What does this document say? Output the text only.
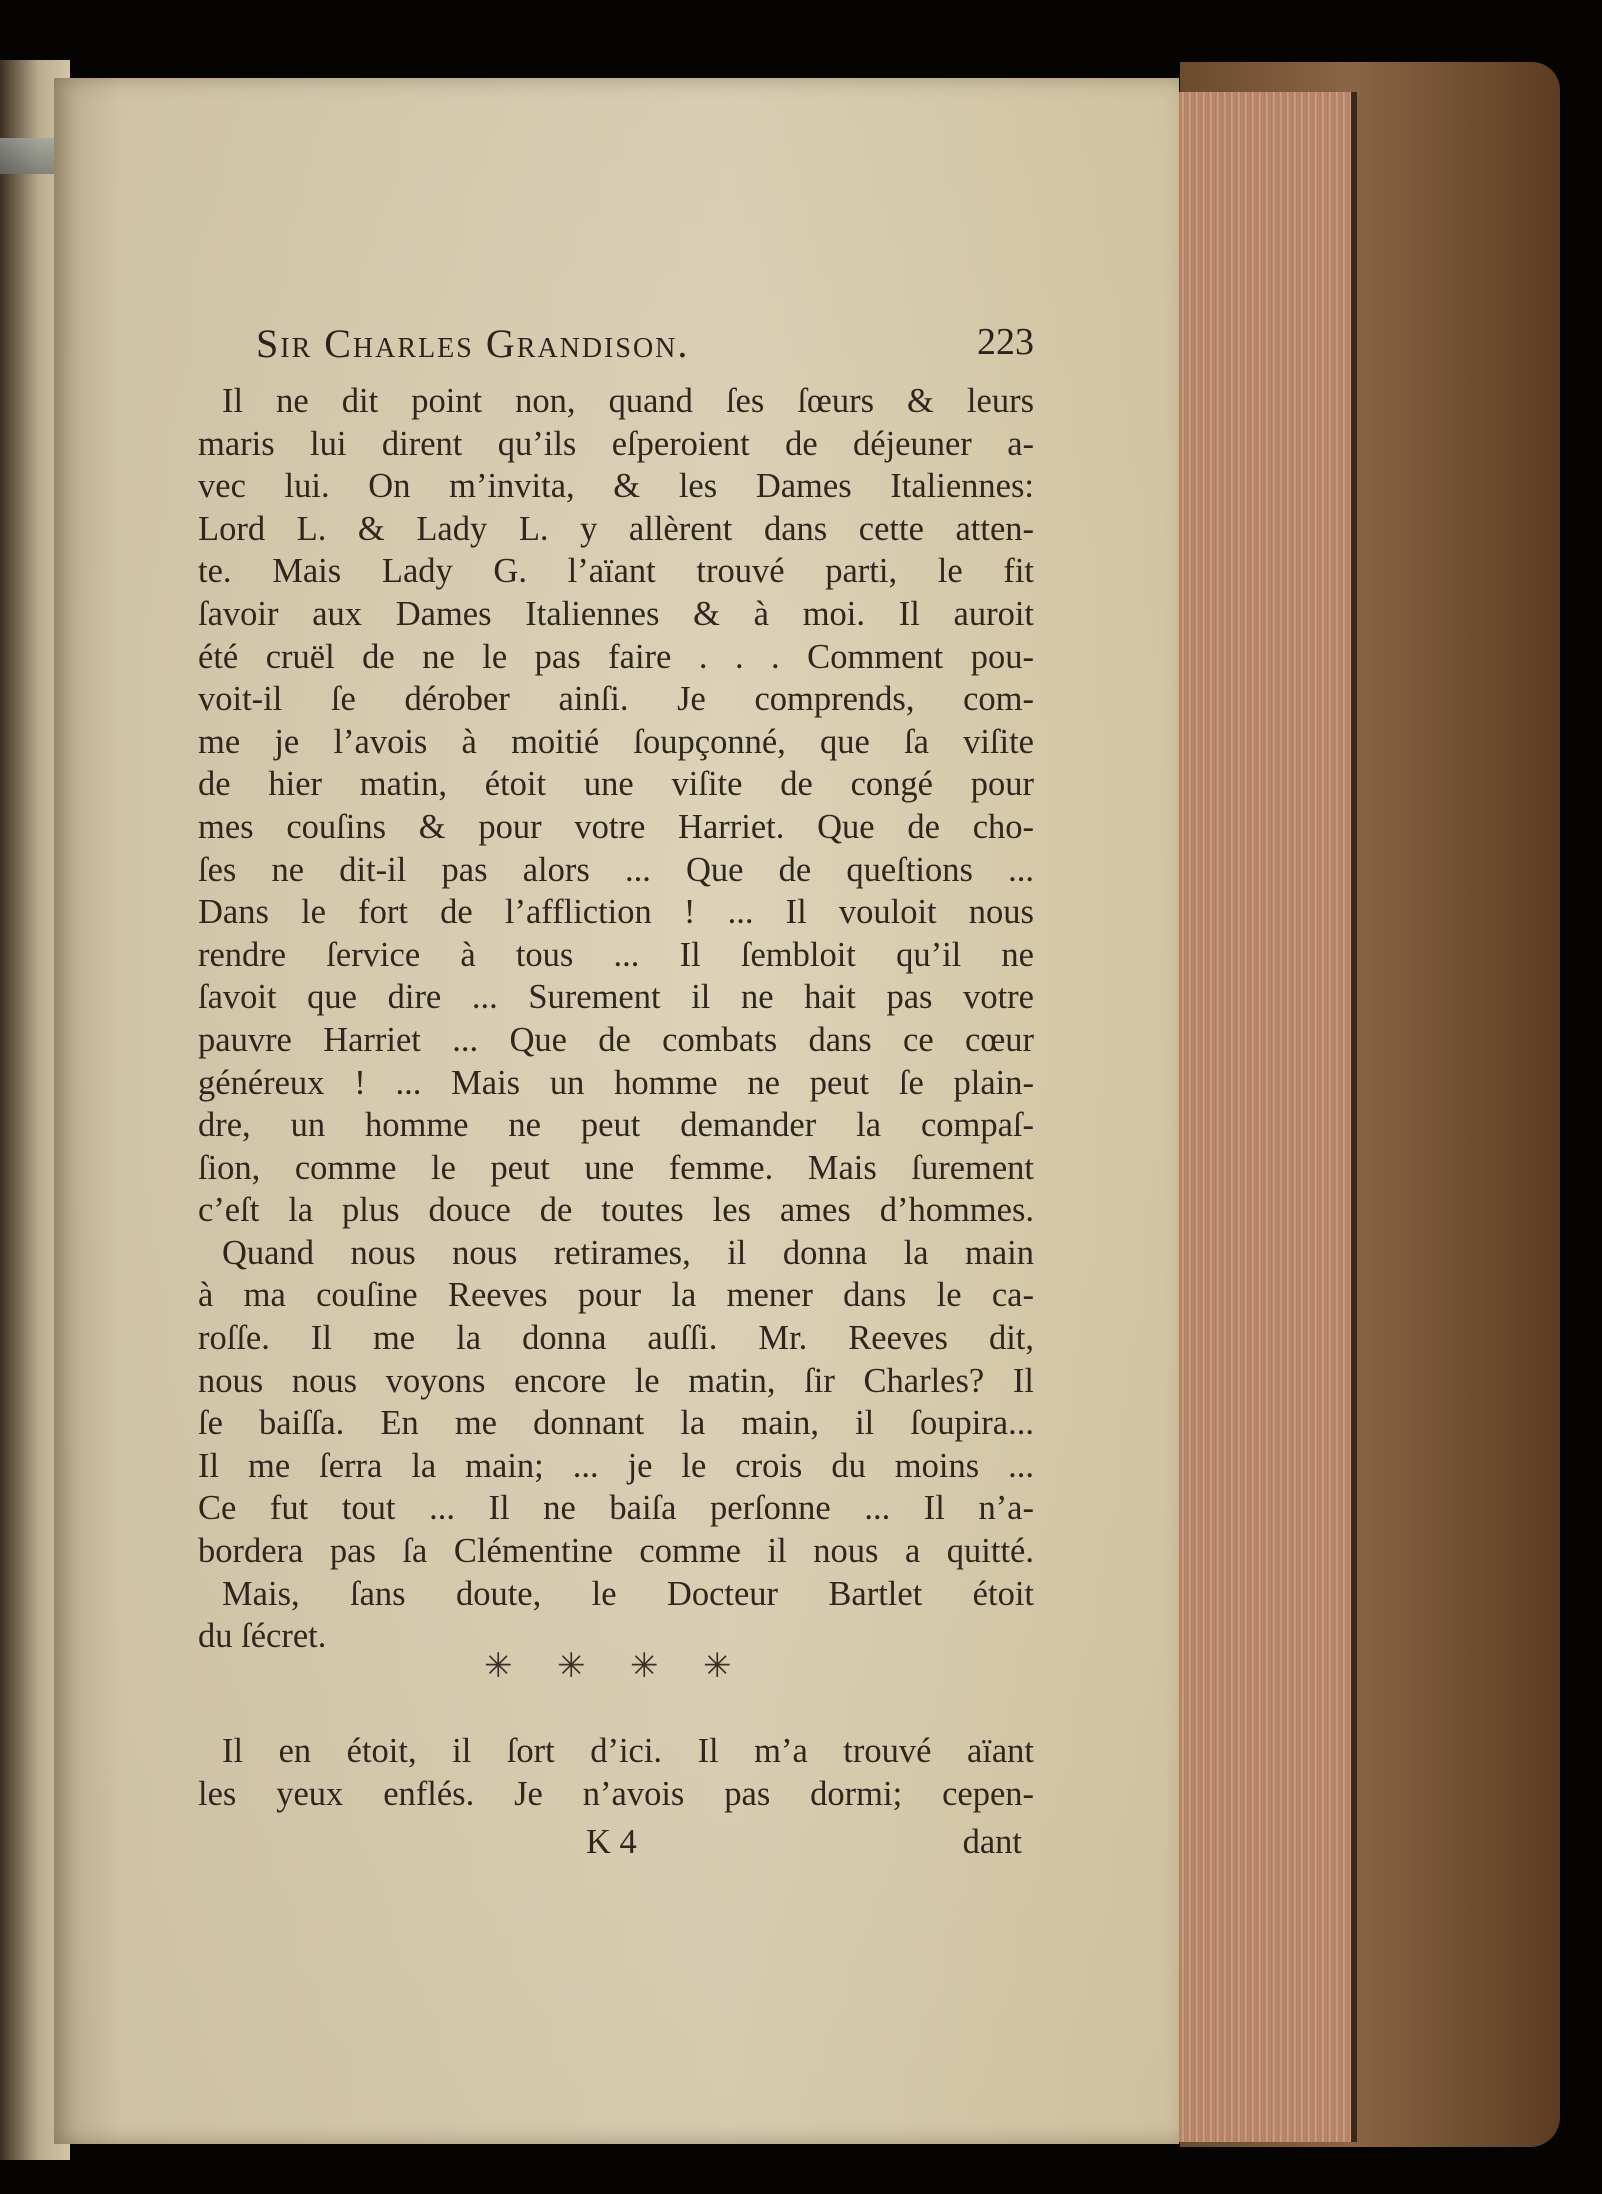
Sir Charles Grandison.	223
Il ne dit point non, quand ſes ſœurs & leurs
maris lui dirent qu’ils eſperoient de déjeuner a-
vec lui. On m’invita, & les Dames Italiennes:
Lord L. & Lady L. y allèrent dans cette atten-
te. Mais Lady G. l’aïant trouvé parti, le fit
ſavoir aux Dames Italiennes & à moi. Il auroit
été cruël de ne le pas faire . . . Comment pou-
voit-il ſe dérober ainſi. Je comprends, com-
me je l’avois à moitié ſoupçonné, que ſa viſite
de hier matin, étoit une viſite de congé pour
mes couſins & pour votre Harriet. Que de cho-
ſes ne dit-il pas alors ... Que de queſtions ...
Dans le fort de l’affliction ! ... Il vouloit nous
rendre ſervice à tous ... Il ſembloit qu’il ne
ſavoit que dire ... Surement il ne hait pas votre
pauvre Harriet ... Que de combats dans ce cœur
généreux ! ... Mais un homme ne peut ſe plain-
dre, un homme ne peut demander la compaſ-
ſion, comme le peut une femme. Mais ſurement
c’eſt la plus douce de toutes les ames d’hommes.
Quand nous nous retirames, il donna la main
à ma couſine Reeves pour la mener dans le ca-
roſſe. Il me la donna auſſi. Mr. Reeves dit,
nous nous voyons encore le matin, ſir Charles? Il
ſe baiſſa. En me donnant la main, il ſoupira...
Il me ſerra la main; ... je le crois du moins ...
Ce fut tout ... Il ne baiſa perſonne ... Il n’a-
bordera pas ſa Clémentine comme il nous a quitté.
Mais, ſans doute, le Docteur Bartlet étoit
du ſécret.
✳ ✳ ✳ ✳
Il en étoit, il ſort d’ici. Il m’a trouvé aïant
les yeux enflés. Je n’avois pas dormi; cepen-
K 4	dant
